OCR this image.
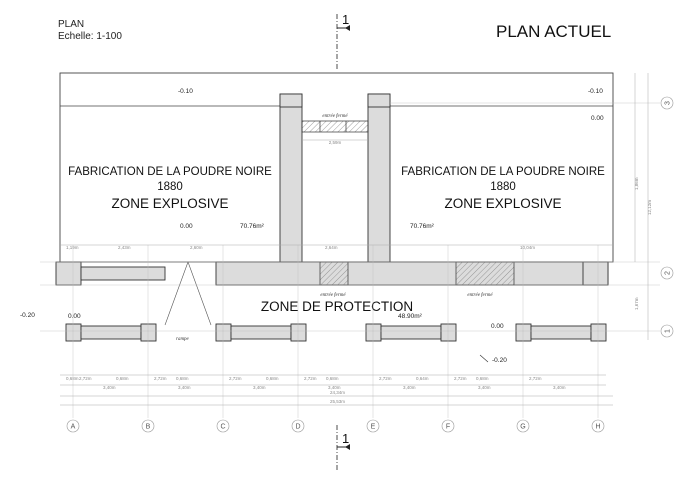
PLAN
Echelle: 1-100	PLAN ACTUEL
1
1
entrée fermé
2,59m
FABRICATION DE LA POUDRE NOIRE
1880
ZONE EXPLOSIVE
FABRICATION DE LA POUDRE NOIRE
1880
ZONE EXPLOSIVE
-0.10	-0.10
0.00
0.00
-0.20	0.00
0.00
-0.20
70.76m²	70.76m²
48.90m²
entrée fermé	entrée fermé
rampe
ZONE DE PROTECTION
1,19m	2,43m	2,60m	2,64m	10,04m
24,34m
25,53m
0,68m 2,72m	0,68m	2,72m 0,68m	2,72m	0,68m	2,72m 0,68m	2,72m	0,64m	2,72m 0,68m	2,72m
3,40m	3,40m	3,40m	3,40m	3,40m	3,40m	3,40m
12,12m
1,86m
1,67m
A	B	C	D	E	F	G	H
3
2
1
